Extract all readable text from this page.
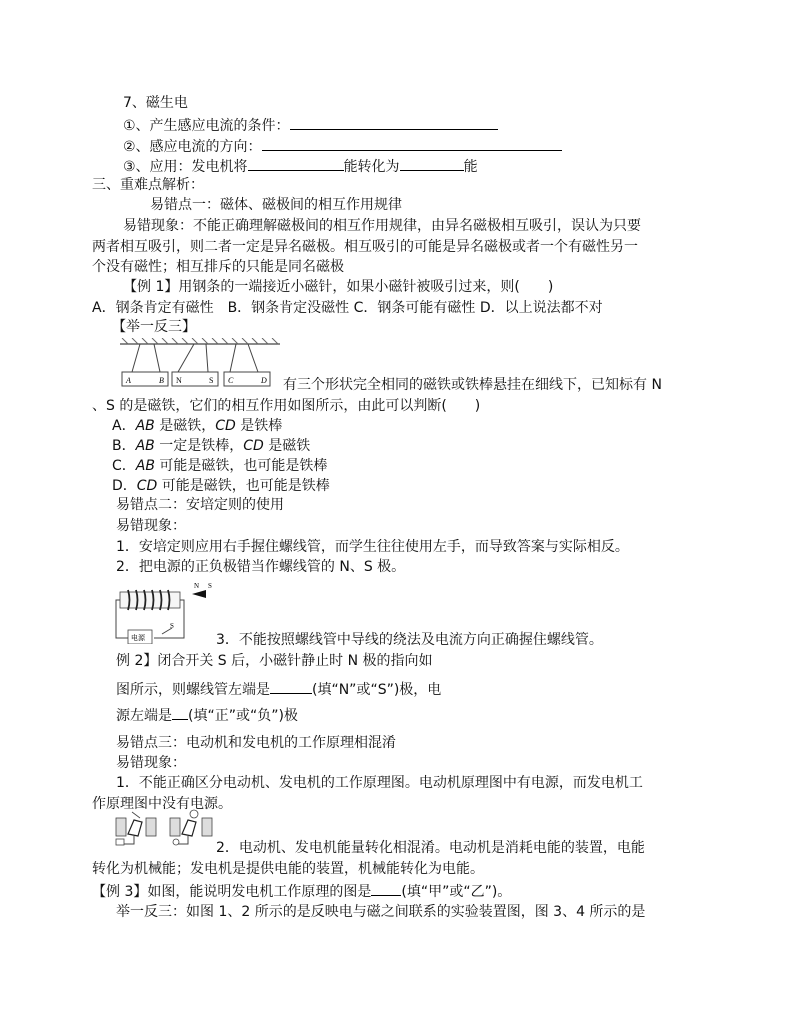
7、磁生电
①、产生感应电流的条件：
②、感应电流的方向：
③、应用：发电机将	能转化为	能
三、重难点解析：
易错点一：磁体、磁极间的相互作用规律
易错现象：不能正确理解磁极间的相互作用规律，由异名磁极相互吸引，误认为只要
两者相互吸引，则二者一定是异名磁极。相互吸引的可能是异名磁极或者一个有磁性另一
个没有磁性；相互排斥的只能是同名磁极
【例 1】用钢条的一端接近小磁针，如果小磁针被吸引过来，则(　　)
A．钢条肯定有磁性　B．钢条肯定没磁性 C．钢条可能有磁性 D．以上说法都不对
【举一反三】
A	B N	S C	D 有三个形状完全相同的磁铁或铁棒悬挂在细线下，已知标有 N
、S 的是磁铁，它们的相互作用如图所示，由此可以判断(　　)
A．AB 是磁铁，CD 是铁棒
B．AB 一定是铁棒，CD 是磁铁
C．AB 可能是磁铁，也可能是铁棒
D．CD 可能是磁铁，也可能是铁棒
易错点二：安培定则的使用
易错现象：
1．安培定则应用右手握住螺线管，而学生往往使用左手，而导致答案与实际相反。
2．把电源的正负极错当作螺线管的 N、S 极。
电源
S
N S
3．不能按照螺线管中导线的绕法及电流方向正确握住螺线管。
例 2】闭合开关 S 后，小磁针静止时 N 极的指向如
图所示，则螺线管左端是	(填“N”或“S”)极，电
源左端是 (填“正”或“负”)极
易错点三：电动机和发电机的工作原理相混淆
易错现象：
1．不能正确区分电动机、发电机的工作原理图。电动机原理图中有电源，而发电机工
作原理图中没有电源。
2．电动机、发电机能量转化相混淆。电动机是消耗电能的装置，电能
转化为机械能；发电机是提供电能的装置，机械能转化为电能。
【例 3】如图，能说明发电机工作原理的图是 (填“甲”或“乙”)。
举一反三：如图 1、2 所示的是反映电与磁之间联系的实验装置图，图 3、4 所示的是
